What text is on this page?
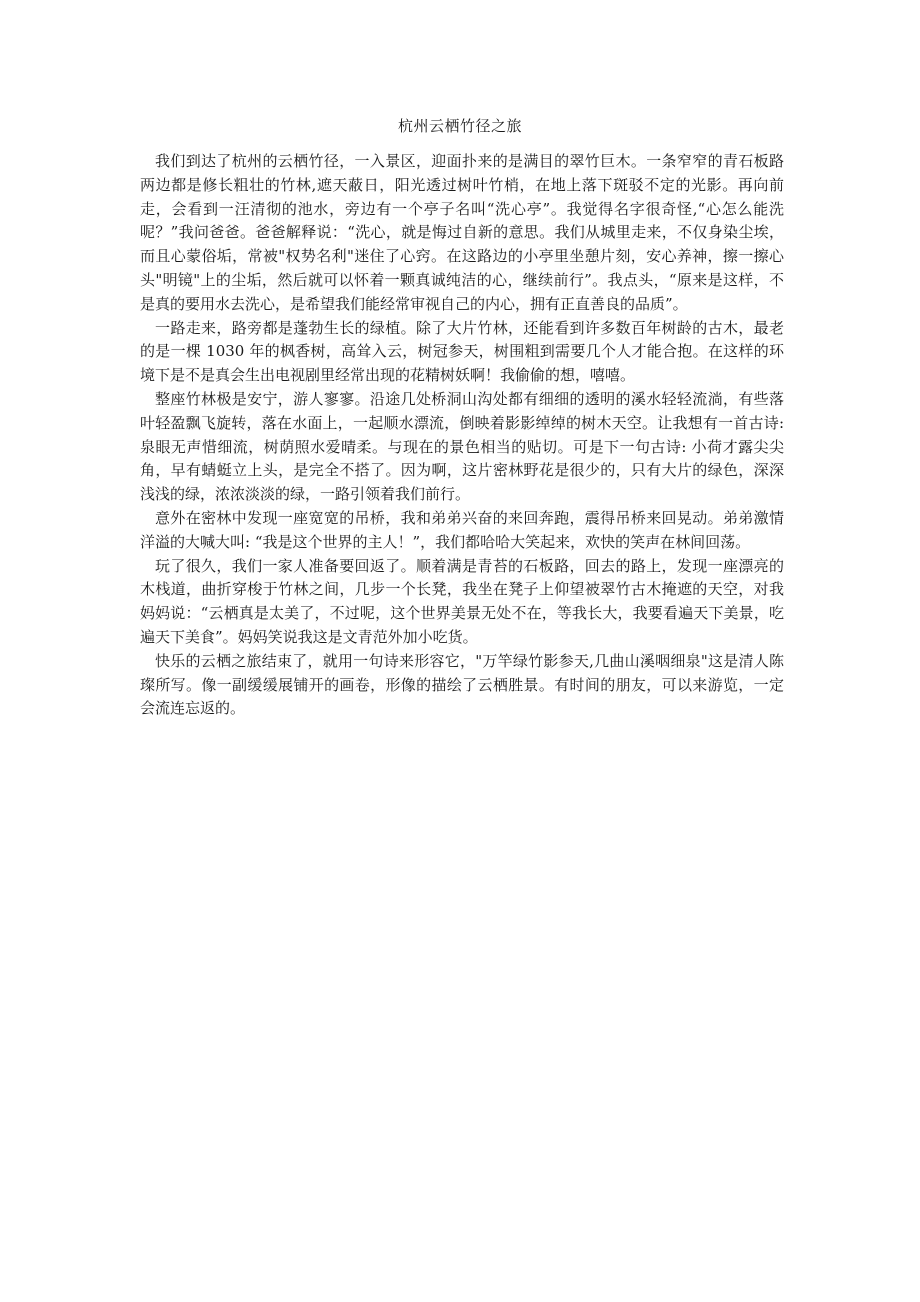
杭州云栖竹径之旅

我们到达了杭州的云栖竹径，一入景区，迎面扑来的是满目的翠竹巨木。一条窄窄的青石板路两边都是修长粗壮的竹林,遮天蔽日，阳光透过树叶竹梢，在地上落下斑驳不定的光影。再向前走，会看到一汪清彻的池水，旁边有一个亭子名叫“洗心亭”。我觉得名字很奇怪,“心怎么能洗呢？”我问爸爸。爸爸解释说：“洗心，就是悔过自新的意思。我们从城里走来，不仅身染尘埃，而且心蒙俗垢，常被"权势名利"迷住了心窍。在这路边的小亭里坐憩片刻，安心养神，擦一擦心头"明镜"上的尘垢，然后就可以怀着一颗真诚纯洁的心，继续前行”。我点头，“原来是这样，不是真的要用水去洗心，是希望我们能经常审视自己的内心，拥有正直善良的品质”。

一路走来，路旁都是蓬勃生长的绿植。除了大片竹林，还能看到许多数百年树龄的古木，最老的是一棵 1030 年的枫香树，高耸入云，树冠参天，树围粗到需要几个人才能合抱。在这样的环境下是不是真会生出电视剧里经常出现的花精树妖啊！我偷偷的想，嘻嘻。

整座竹林极是安宁，游人寥寥。沿途几处桥洞山沟处都有细细的透明的溪水轻轻流淌，有些落叶轻盈飘飞旋转，落在水面上，一起顺水漂流，倒映着影影绰绰的树木天空。让我想有一首古诗: 泉眼无声惜细流，树荫照水爱晴柔。与现在的景色相当的贴切。可是下一句古诗: 小荷才露尖尖角，早有蜻蜓立上头，是完全不搭了。因为啊，这片密林野花是很少的，只有大片的绿色，深深浅浅的绿，浓浓淡淡的绿，一路引领着我们前行。

意外在密林中发现一座宽宽的吊桥，我和弟弟兴奋的来回奔跑，震得吊桥来回晃动。弟弟激情洋溢的大喊大叫: “我是这个世界的主人！”，我们都哈哈大笑起来，欢快的笑声在林间回荡。

玩了很久，我们一家人准备要回返了。顺着满是青苔的石板路，回去的路上，发现一座漂亮的木栈道，曲折穿梭于竹林之间，几步一个长凳，我坐在凳子上仰望被翠竹古木掩遮的天空，对我妈妈说：“云栖真是太美了，不过呢，这个世界美景无处不在，等我长大，我要看遍天下美景，吃遍天下美食”。妈妈笑说我这是文青范外加小吃货。

快乐的云栖之旅结束了，就用一句诗来形容它，"万竿绿竹影参天,几曲山溪咽细泉"这是清人陈璨所写。像一副缓缓展铺开的画卷，形像的描绘了云栖胜景。有时间的朋友，可以来游览，一定会流连忘返的。
